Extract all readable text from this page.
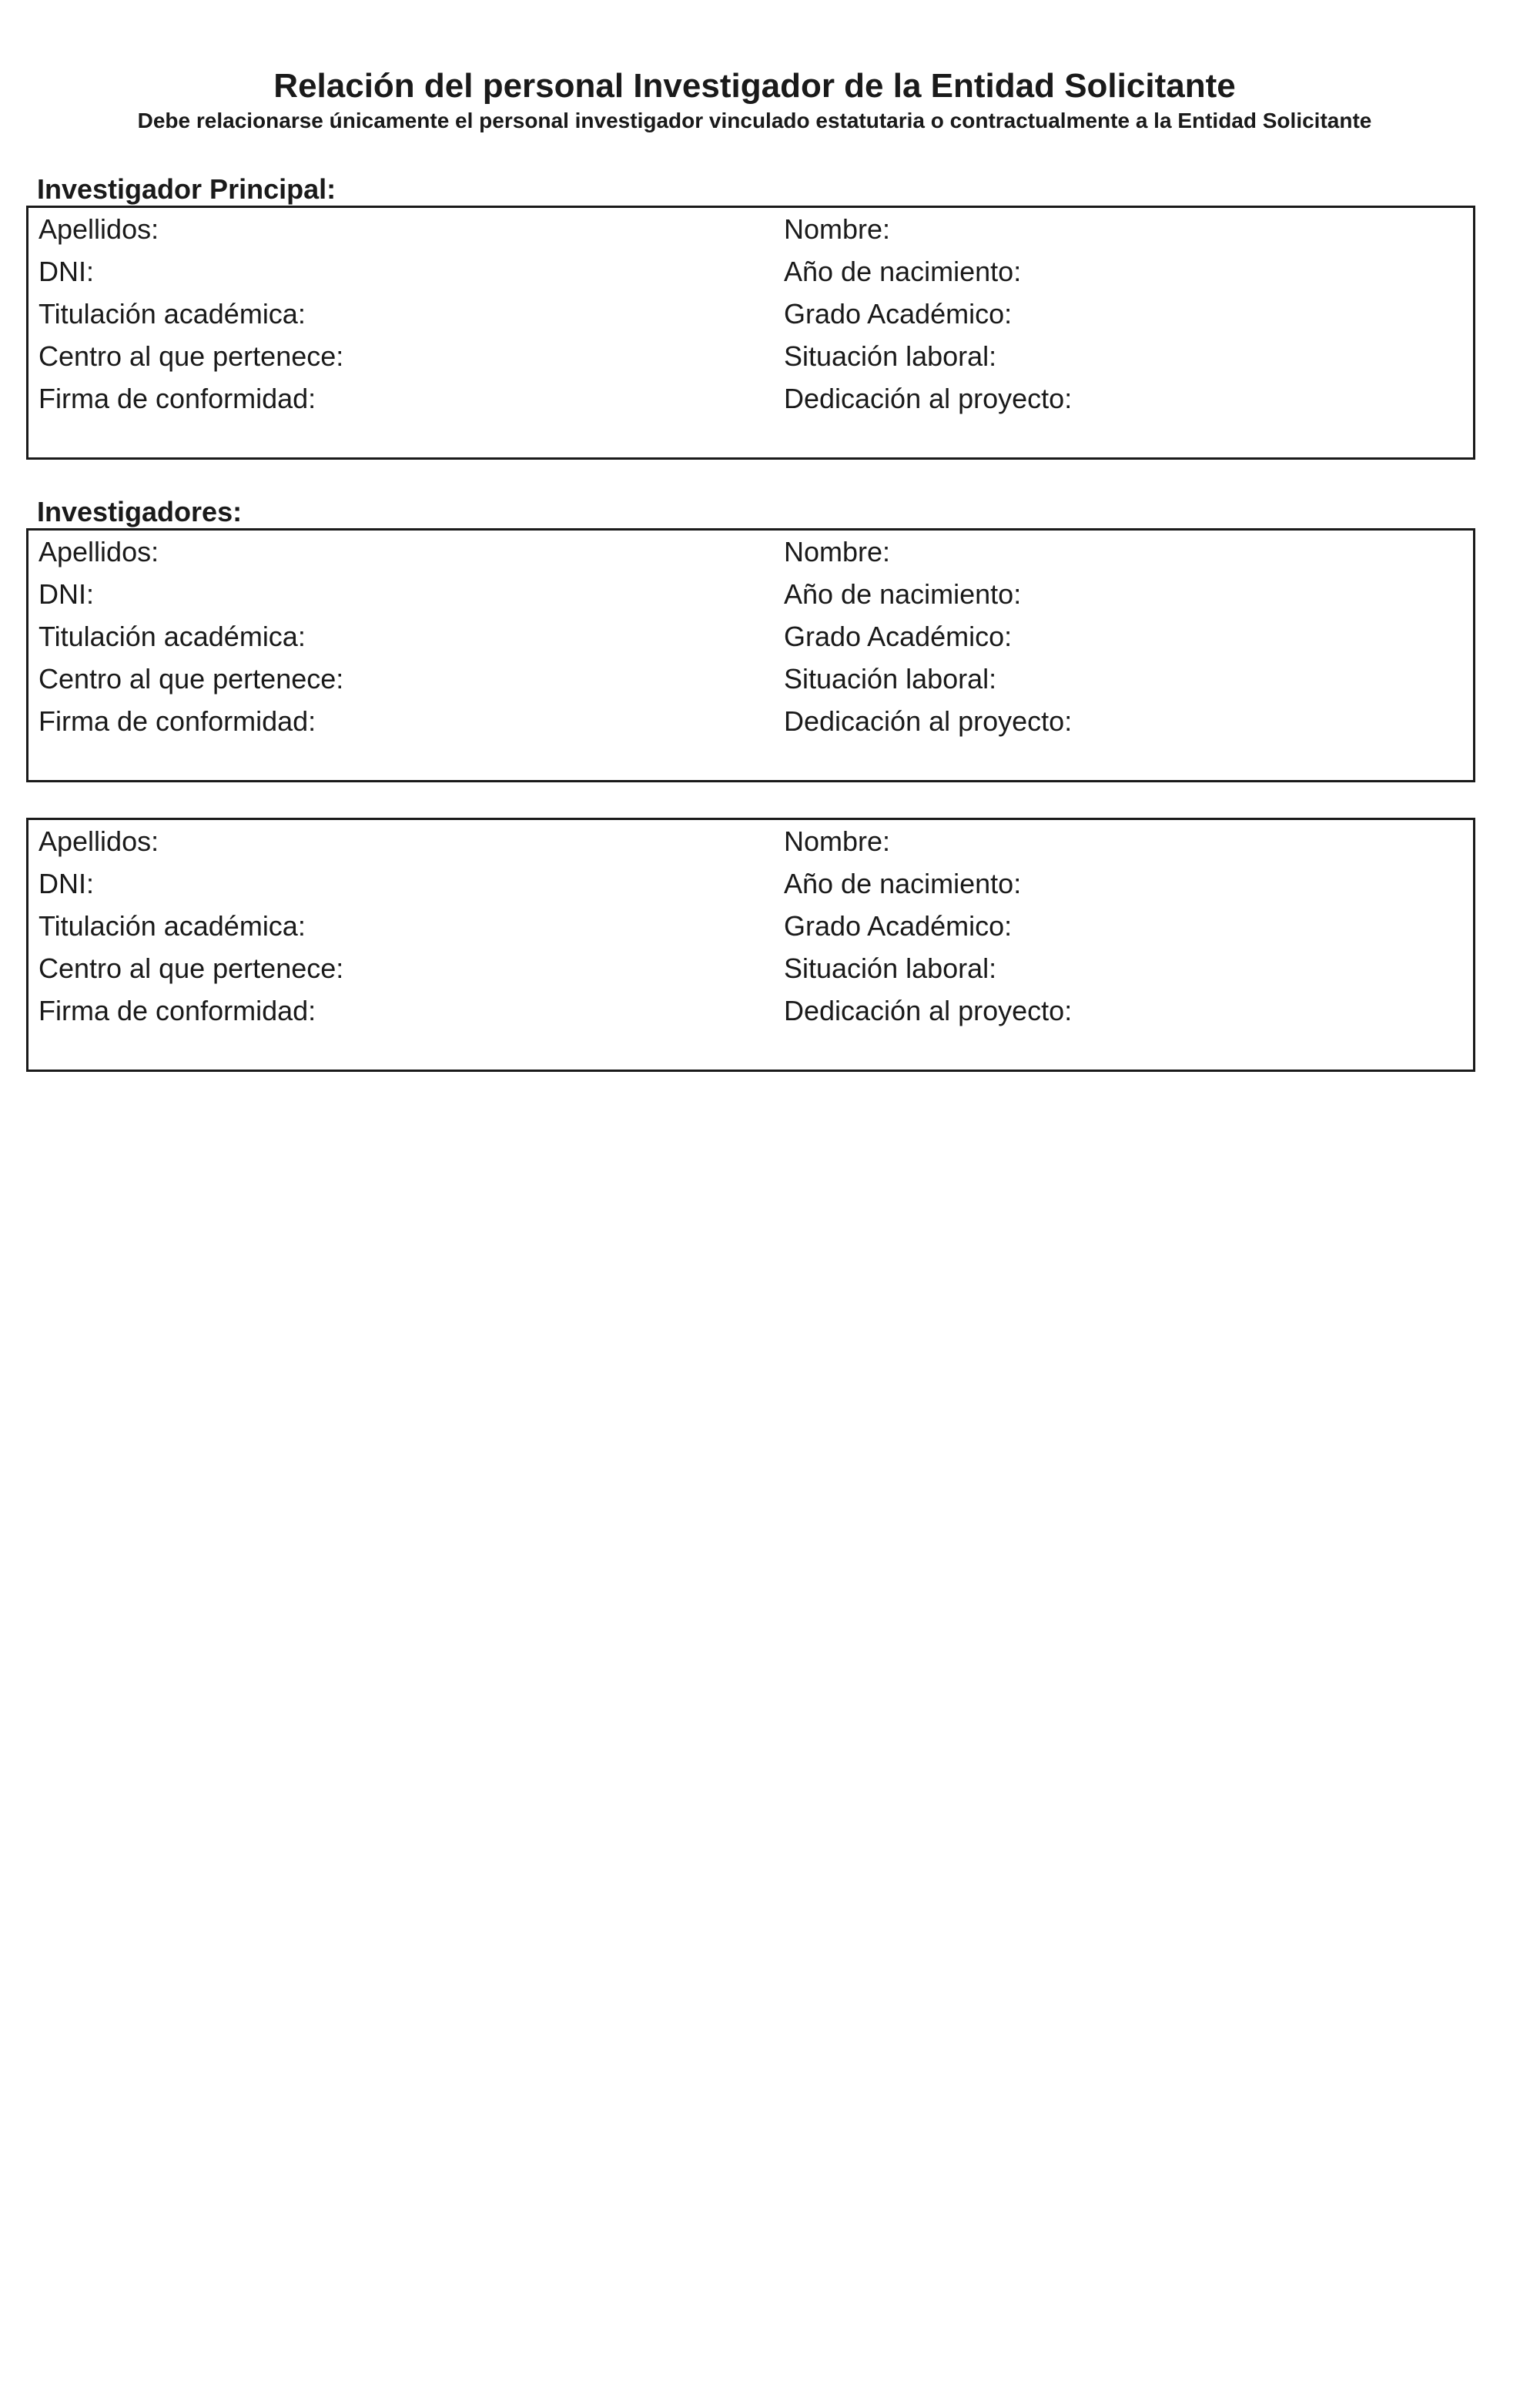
Relación del personal Investigador de la Entidad Solicitante
Debe relacionarse únicamente el personal investigador vinculado estatutaria o contractualmente a la Entidad Solicitante
Investigador Principal:
Apellidos:
DNI:
Titulación académica:
Centro al que pertenece:
Firma de conformidad:
Nombre:
Año de nacimiento:
Grado Académico:
Situación laboral:
Dedicación al proyecto:
Investigadores:
Apellidos:
DNI:
Titulación académica:
Centro al que pertenece:
Firma de conformidad:
Nombre:
Año de nacimiento:
Grado Académico:
Situación laboral:
Dedicación al proyecto:
Apellidos:
DNI:
Titulación académica:
Centro al que pertenece:
Firma de conformidad:
Nombre:
Año de nacimiento:
Grado Académico:
Situación laboral:
Dedicación al proyecto:
